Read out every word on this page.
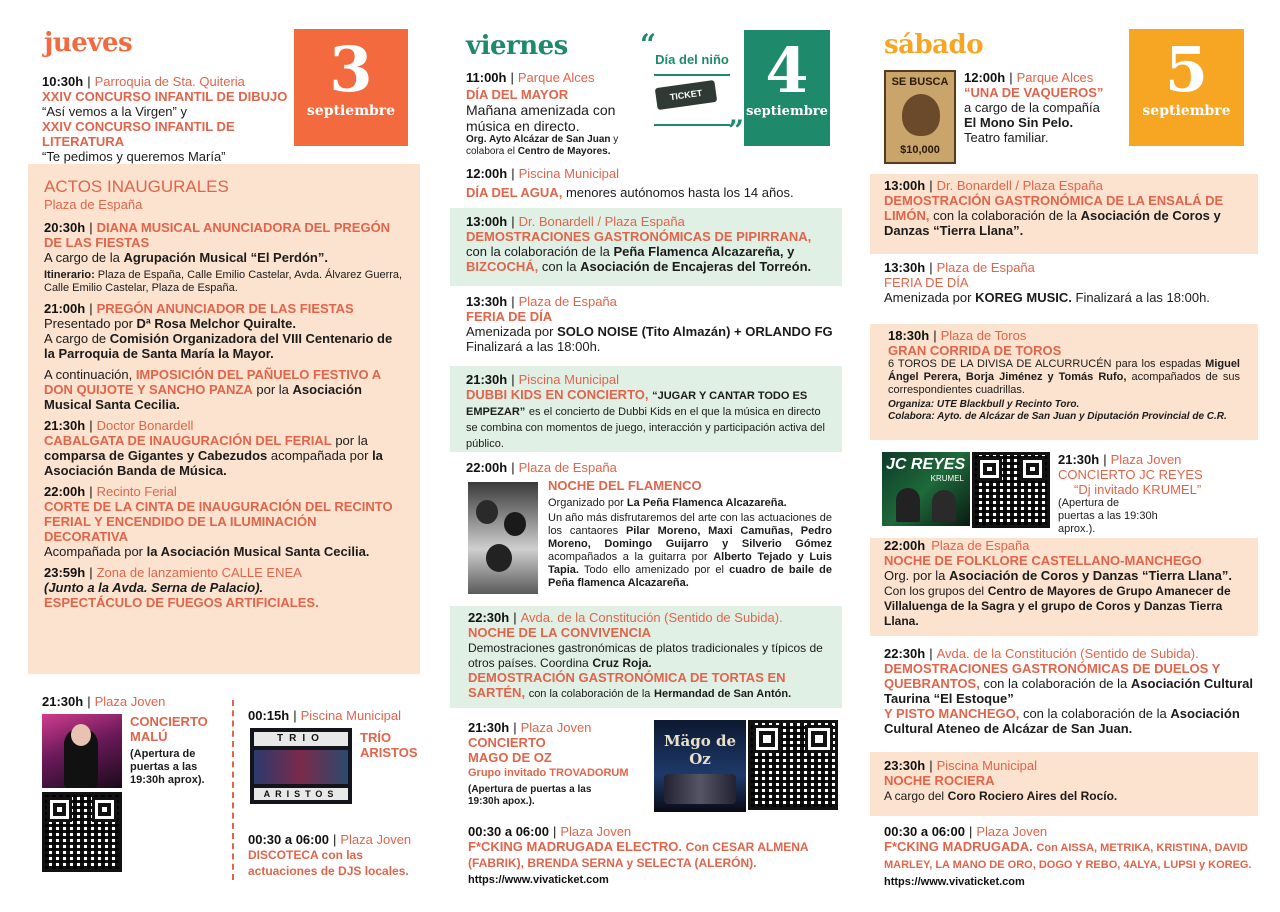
jueves	3
septiembre
10:30h | Parroquia de Sta. Quiteria
XXIV CONCURSO INFANTIL DE DIBUJO
“Así vemos a la Virgen” y
XXIV CONCURSO INFANTIL DE LITERATURA
“Te pedimos y queremos María”
ACTOS INAUGURALES
Plaza de España
20:30h | DIANA MUSICAL ANUNCIADORA DEL PREGÓN DE LAS FIESTAS
A cargo de la Agrupación Musical “El Perdón”.
Itinerario: Plaza de España, Calle Emilio Castelar, Avda. Álvarez Guerra, Calle Emilio Castelar, Plaza de España.
21:00h | PREGÓN ANUNCIADOR DE LAS FIESTAS
Presentado por Dª Rosa Melchor Quiralte.
A cargo de Comisión Organizadora del VIII Centenario de la Parroquia de Santa María la Mayor.
A continuación, IMPOSICIÓN DEL PAÑUELO FESTIVO A DON QUIJOTE Y SANCHO PANZA por la Asociación Musical Santa Cecilia.
21:30h | Doctor Bonardell
CABALGATA DE INAUGURACIÓN DEL FERIAL por la comparsa de Gigantes y Cabezudos acompañada por la Asociación Banda de Música.
22:00h | Recinto Ferial
CORTE DE LA CINTA DE INAUGURACIÓN DEL RECINTO FERIAL Y ENCENDIDO DE LA ILUMINACIÓN DECORATIVA
Acompañada por la Asociación Musical Santa Cecilia.
23:59h | Zona de lanzamiento CALLE ENEA
(Junto a la Avda. Serna de Palacio).
ESPECTÁCULO DE FUEGOS ARTIFICIALES.
21:30h | Plaza Joven
CONCIERTO MALÚ
(Apertura de puertas a las 19:30h aprox).
00:15h | Piscina Municipal
TRIO
ARISTOS
TRÍO ARISTOS
00:30 a 06:00 | Plaza Joven
DISCOTECA con las actuaciones de DJS locales.
viernes	“ Día del niño
TICKET
”
4
septiembre
11:00h | Parque Alces
DÍA DEL MAYOR
Mañana amenizada con música en directo.
Org. Ayto Alcázar de San Juan y colabora el Centro de Mayores.
12:00h | Piscina Municipal
DÍA DEL AGUA, menores autónomos hasta los 14 años.
13:00h | Dr. Bonardell / Plaza España
DEMOSTRACIONES GASTRONÓMICAS DE PIPIRRANA, con la colaboración de la Peña Flamenca Alcazareña, y BIZCOCHÁ, con la Asociación de Encajeras del Torreón.
13:30h | Plaza de España
FERIA DE DÍA
Amenizada por SOLO NOISE (Tito Almazán) + ORLANDO FG
Finalizará a las 18:00h.
21:30h | Piscina Municipal
DUBBI KIDS EN CONCIERTO, “JUGAR Y CANTAR TODO ES EMPEZAR” es el concierto de Dubbi Kids en el que la música en directo se combina con momentos de juego, interacción y participación activa del público.
22:00h | Plaza de España
NOCHE DEL FLAMENCO
Organizado por La Peña Flamenca Alcazareña.
Un año más disfrutaremos del arte con las actuaciones de los cantaores Pilar Moreno, Maxi Camuñas, Pedro Moreno, Domingo Guijarro y Silverio Gómez acompañados a la guitarra por Alberto Tejado y Luis Tapia. Todo ello amenizado por el cuadro de baile de Peña flamenca Alcazareña.
22:30h | Avda. de la Constitución (Sentido de Subida).
NOCHE DE LA CONVIVENCIA
Demostraciones gastronómicas de platos tradicionales y típicos de otros países. Coordina Cruz Roja.
DEMOSTRACIÓN GASTRONÓMICA DE TORTAS EN SARTÉN, con la colaboración de la Hermandad de San Antón.
21:30h | Plaza Joven

CONCIERTO MAGO DE OZ
Grupo invitado TROVADORUM
(Apertura de puertas a las 19:30h apox.).
Mägo de Oz
00:30 a 06:00 | Plaza Joven
F*CKING MADRUGADA ELECTRO. Con CESAR ALMENA (FABRIK), BRENDA SERNA y SELECTA (ALERÓN).
https://www.vivaticket.com
sábado	5
septiembre
SE BUSCA
$10,000
12:00h | Parque Alces
“UNA DE VAQUEROS”
a cargo de la compañía
El Mono Sin Pelo.
Teatro familiar.
13:00h | Dr. Bonardell / Plaza España
DEMOSTRACIÓN GASTRONÓMICA DE LA ENSALÁ DE LIMÓN, con la colaboración de la Asociación de Coros y Danzas “Tierra Llana”.
13:30h | Plaza de España
FERIA DE DÍA
Amenizada por KOREG MUSIC. Finalizará a las 18:00h.
18:30h | Plaza de Toros
GRAN CORRIDA DE TOROS
6 TOROS DE LA DIVISA DE ALCURRUCÉN para los espadas Miguel Ángel Perera, Borja Jiménez y Tomás Rufo, acompañados de sus correspondientes cuadrillas.
Organiza: UTE Blackbull y Recinto Toro.
Colabora: Ayto. de Alcázar de San Juan y Diputación Provincial de C.R.
JC REYES
KRUMEL
21:30h | Plaza Joven
CONCIERTO JC REYES
“Dj invitado KRUMEL”
(Apertura de puertas a las 19:30h aprox.).
22:00h Plaza de España
NOCHE DE FOLKLORE CASTELLANO-MANCHEGO
Org. por la Asociación de Coros y Danzas “Tierra Llana”.
Con los grupos del Centro de Mayores de Grupo Amanecer de Villaluenga de la Sagra y el grupo de Coros y Danzas Tierra Llana.
22:30h | Avda. de la Constitución (Sentido de Subida).
DEMOSTRACIONES GASTRONÓMICAS DE DUELOS Y QUEBRANTOS, con la colaboración de la Asociación Cultural Taurina “El Estoque”
Y PISTO MANCHEGO, con la colaboración de la Asociación Cultural Ateneo de Alcázar de San Juan.
23:30h | Piscina Municipal
NOCHE ROCIERA
A cargo del Coro Rociero Aires del Rocío.
00:30 a 06:00 | Plaza Joven
F*CKING MADRUGADA. Con AISSA, METRIKA, KRISTINA, DAVID MARLEY, LA MANO DE ORO, DOGO Y REBO, 4ALYA, LUPSI y KOREG.
https://www.vivaticket.com
